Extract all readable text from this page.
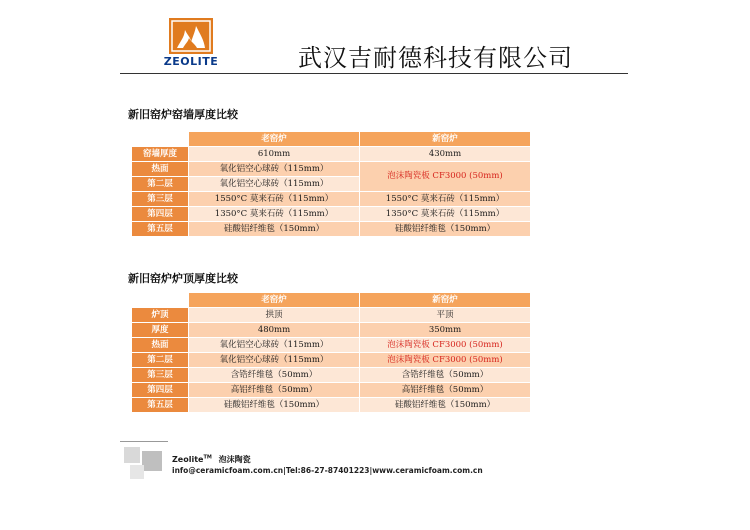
ZEOLITE	武汉吉耐德科技有限公司
新旧窑炉窑墙厚度比较
	老窑炉	新窑炉
窑墙厚度	610mm	430mm
热面	氧化铝空心球砖（115mm）	泡沫陶瓷板 CF3000 (50mm)
第二层	氧化铝空心球砖（115mm）	
第三层	1550°C 莫来石砖（115mm）	1550°C 莫来石砖（115mm）
第四层	1350°C 莫来石砖（115mm）	1350°C 莫来石砖（115mm）
第五层	硅酸铝纤维毯（150mm）	硅酸铝纤维毯（150mm）
新旧窑炉炉顶厚度比较
	老窑炉	新窑炉
炉顶	拱顶	平顶
厚度	480mm	350mm
热面	氧化铝空心球砖（115mm）	泡沫陶瓷板 CF3000 (50mm)
第二层	氧化铝空心球砖（115mm）	泡沫陶瓷板 CF3000 (50mm)
第三层	含锆纤维毯（50mm）	含锆纤维毯（50mm）
第四层	高铝纤维毯（50mm）	高铝纤维毯（50mm）
第五层	硅酸铝纤维毯（150mm）	硅酸铝纤维毯（150mm）
Zeolite™ 泡沫陶瓷
info@ceramicfoam.com.cn|Tel:86-27-87401223|www.ceramicfoam.com.cn
